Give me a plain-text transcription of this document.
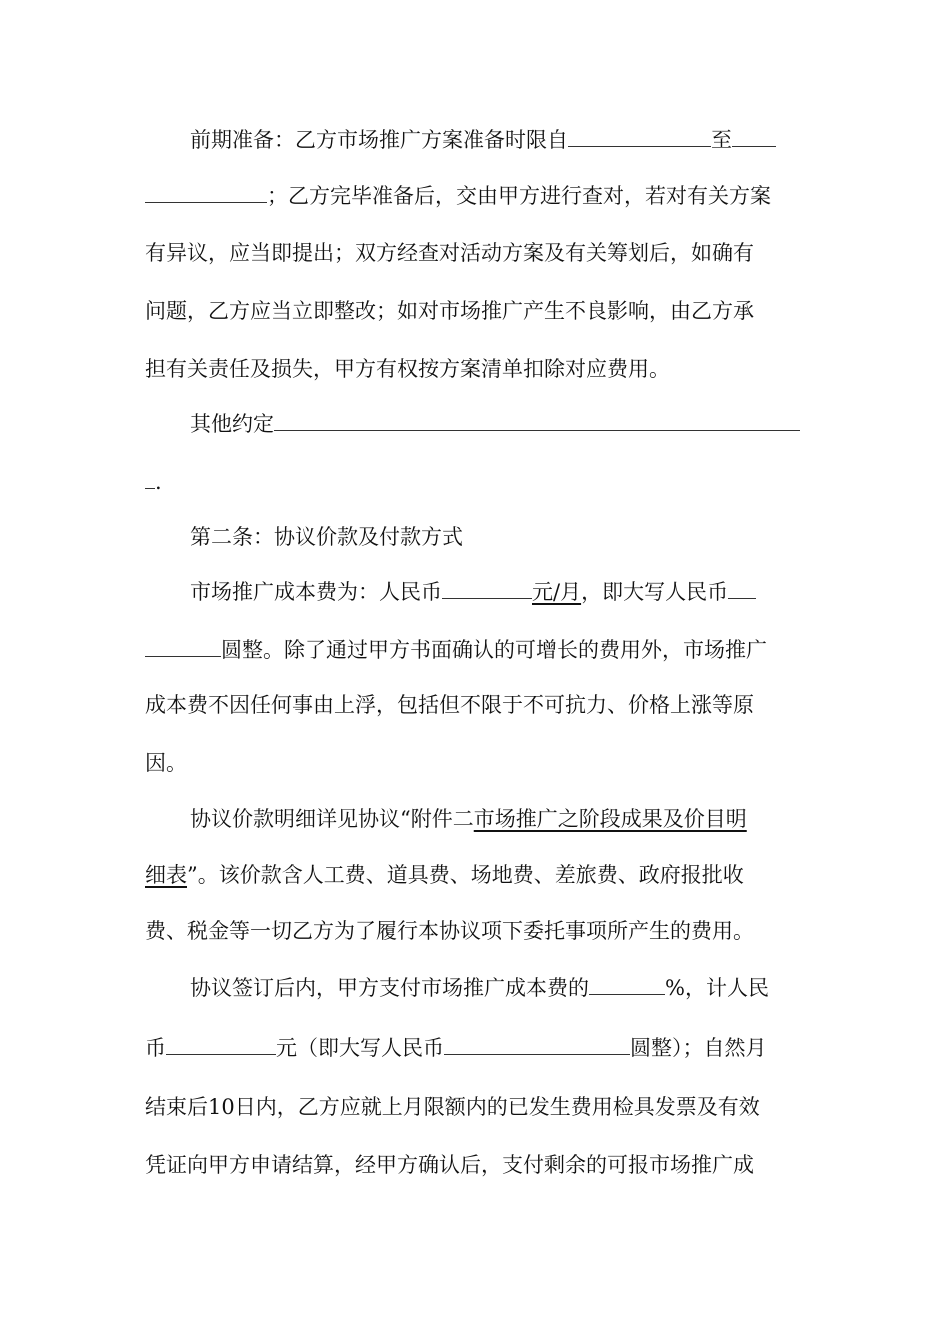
前期准备：乙方市场推广方案准备时限自	至
；乙方完毕准备后，交由甲方进行查对，若对有关方案
有异议，应当即提出；双方经查对活动方案及有关筹划后，如确有
问题，乙方应当立即整改；如对市场推广产生不良影响，由乙方承
担有关责任及损失，甲方有权按方案清单扣除对应费用。
其他约定
.
第二条：协议价款及付款方式
市场推广成本费为：人民币	元/月，即大写人民币
圆整。除了通过甲方书面确认的可增长的费用外，市场推广
成本费不因任何事由上浮，包括但不限于不可抗力、价格上涨等原
因。
协议价款明细详见协议“附件二市场推广之阶段成果及价目明
细表”。该价款含人工费、道具费、场地费、差旅费、政府报批收
费、税金等一切乙方为了履行本协议项下委托事项所产生的费用。
协议签订后内，甲方支付市场推广成本费的	%，计人民
币	元（即大写人民币	圆整）；自然月
结束后10日内，乙方应就上月限额内的已发生费用检具发票及有效
凭证向甲方申请结算，经甲方确认后，支付剩余的可报市场推广成
